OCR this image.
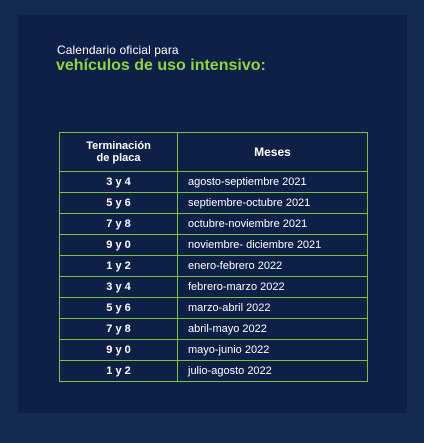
Calendario oficial para
vehículos de uso intensivo:
Terminación
de placa	Meses
3 y 4	agosto-septiembre 2021
5 y 6	septiembre-octubre 2021
7 y 8	octubre-noviembre 2021
9 y 0	noviembre- diciembre 2021
1 y 2	enero-febrero 2022
3 y 4	febrero-marzo 2022
5 y 6	marzo-abril 2022
7 y 8	abril-mayo 2022
9 y 0	mayo-junio 2022
1 y 2	julio-agosto 2022
